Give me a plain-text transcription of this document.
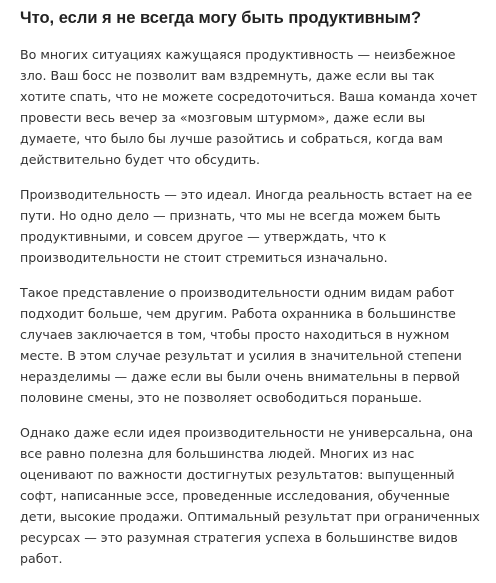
Что, если я не всегда могу быть продуктивным?

Во многих ситуациях кажущаяся продуктивность — неизбежное зло. Ваш босс не позволит вам вздремнуть, даже если вы так хотите спать, что не можете сосредоточиться. Ваша команда хочет провести весь вечер за «мозговым штурмом», даже если вы думаете, что было бы лучше разойтись и собраться, когда вам действительно будет что обсудить.

Производительность — это идеал. Иногда реальность встает на ее пути. Но одно дело — признать, что мы не всегда можем быть продуктивными, и совсем другое — утверждать, что к производительности не стоит стремиться изначально.

Такое представление о производительности одним видам работ подходит больше, чем другим. Работа охранника в большинстве случаев заключается в том, чтобы просто находиться в нужном месте. В этом случае результат и усилия в значительной степени неразделимы — даже если вы были очень внимательны в первой половине смены, это не позволяет освободиться пораньше.

Однако даже если идея производительности не универсальна, она все равно полезна для большинства людей. Многих из нас оценивают по важности достигнутых результатов: выпущенный софт, написанные эссе, проведенные исследования, обученные дети, высокие продажи. Оптимальный результат при ограниченных ресурсах — это разумная стратегия успеха в большинстве видов работ.
